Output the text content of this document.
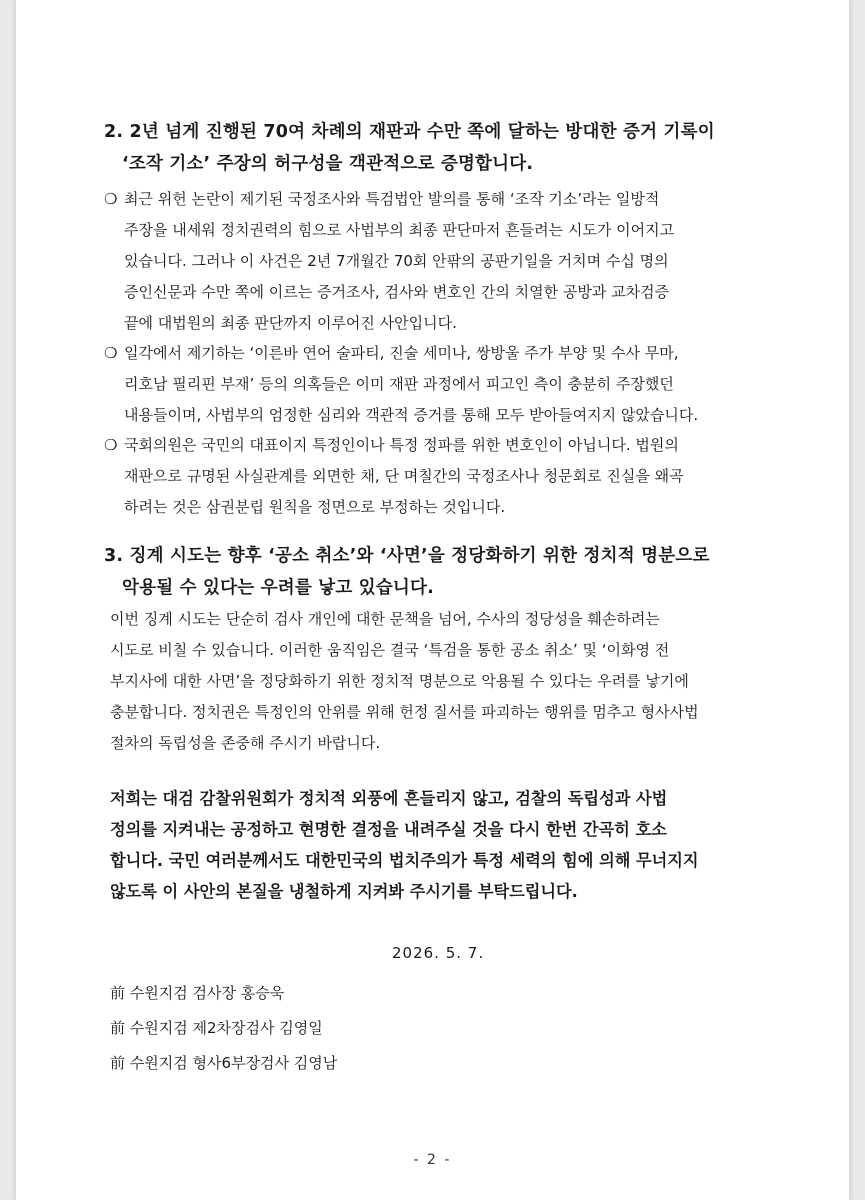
2. 2년 넘게 진행된 70여 차례의 재판과 수만 쪽에 달하는 방대한 증거 기록이
‘조작 기소’ 주장의 허구성을 객관적으로 증명합니다.
❍ 최근 위헌 논란이 제기된 국정조사와 특검법안 발의를 통해 ‘조작 기소’라는 일방적
주장을 내세워 정치권력의 힘으로 사법부의 최종 판단마저 흔들려는 시도가 이어지고
있습니다. 그러나 이 사건은 2년 7개월간 70회 안팎의 공판기일을 거치며 수십 명의
증인신문과 수만 쪽에 이르는 증거조사, 검사와 변호인 간의 치열한 공방과 교차검증
끝에 대법원의 최종 판단까지 이루어진 사안입니다.
❍ 일각에서 제기하는 ‘이른바 연어 술파티, 진술 세미나, 쌍방울 주가 부양 및 수사 무마,
리호남 필리핀 부재’ 등의 의혹들은 이미 재판 과정에서 피고인 측이 충분히 주장했던
내용들이며, 사법부의 엄정한 심리와 객관적 증거를 통해 모두 받아들여지지 않았습니다.
❍ 국회의원은 국민의 대표이지 특정인이나 특정 정파를 위한 변호인이 아닙니다. 법원의
재판으로 규명된 사실관계를 외면한 채, 단 며칠간의 국정조사나 청문회로 진실을 왜곡
하려는 것은 삼권분립 원칙을 정면으로 부정하는 것입니다.
3. 징계 시도는 향후 ‘공소 취소’와 ‘사면’을 정당화하기 위한 정치적 명분으로
악용될 수 있다는 우려를 낳고 있습니다.
이번 징계 시도는 단순히 검사 개인에 대한 문책을 넘어, 수사의 정당성을 훼손하려는
시도로 비칠 수 있습니다. 이러한 움직임은 결국 ‘특검을 통한 공소 취소’ 및 ‘이화영 전
부지사에 대한 사면’을 정당화하기 위한 정치적 명분으로 악용될 수 있다는 우려를 낳기에
충분합니다. 정치권은 특정인의 안위를 위해 헌정 질서를 파괴하는 행위를 멈추고 형사사법
절차의 독립성을 존중해 주시기 바랍니다.
저희는 대검 감찰위원회가 정치적 외풍에 흔들리지 않고, 검찰의 독립성과 사법
정의를 지켜내는 공정하고 현명한 결정을 내려주실 것을 다시 한번 간곡히 호소
합니다. 국민 여러분께서도 대한민국의 법치주의가 특정 세력의 힘에 의해 무너지지
않도록 이 사안의 본질을 냉철하게 지켜봐 주시기를 부탁드립니다.
2026. 5. 7.
前 수원지검 검사장 홍승욱
前 수원지검 제2차장검사 김영일
前 수원지검 형사6부장검사 김영남
- 2 -
